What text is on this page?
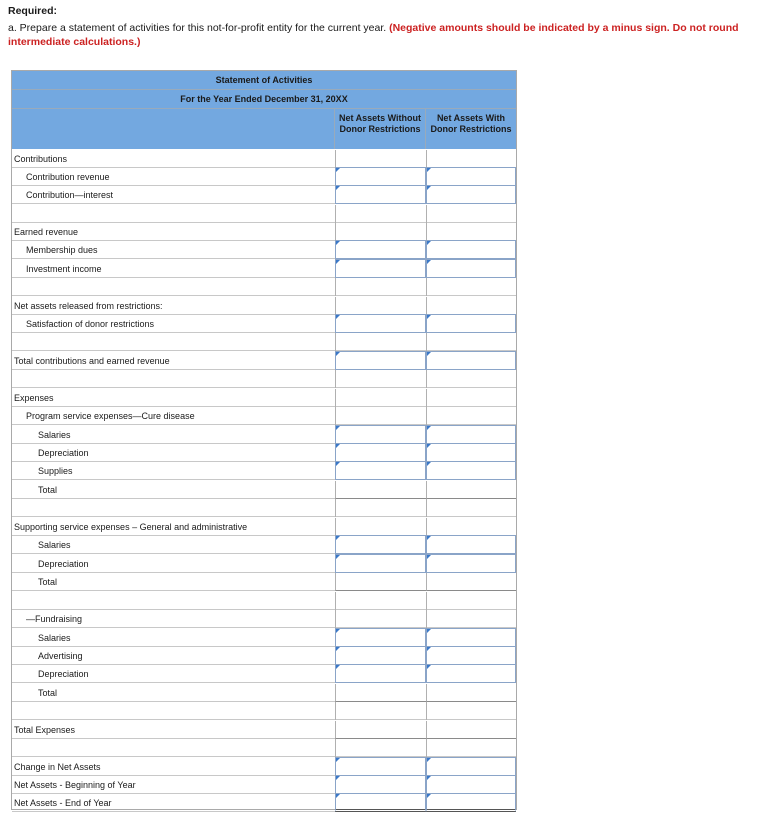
Required:
a. Prepare a statement of activities for this not-for-profit entity for the current year. (Negative amounts should be indicated by a minus sign. Do not round intermediate calculations.)
Statement of Activities
For the Year Ended December 31, 20XX
Net Assets Without Donor Restrictions
Net Assets With Donor Restrictions
Contributions
Contribution revenue
Contribution—interest
Earned revenue
Membership dues
Investment income
Net assets released from restrictions:
Satisfaction of donor restrictions
Total contributions and earned revenue
Expenses
Program service expenses—Cure disease
Salaries
Depreciation
Supplies
Total
Supporting service expenses – General and administrative
Salaries
Depreciation
Total
—Fundraising
Salaries
Advertising
Depreciation
Total
Total Expenses
Change in Net Assets
Net Assets - Beginning of Year
Net Assets - End of Year
